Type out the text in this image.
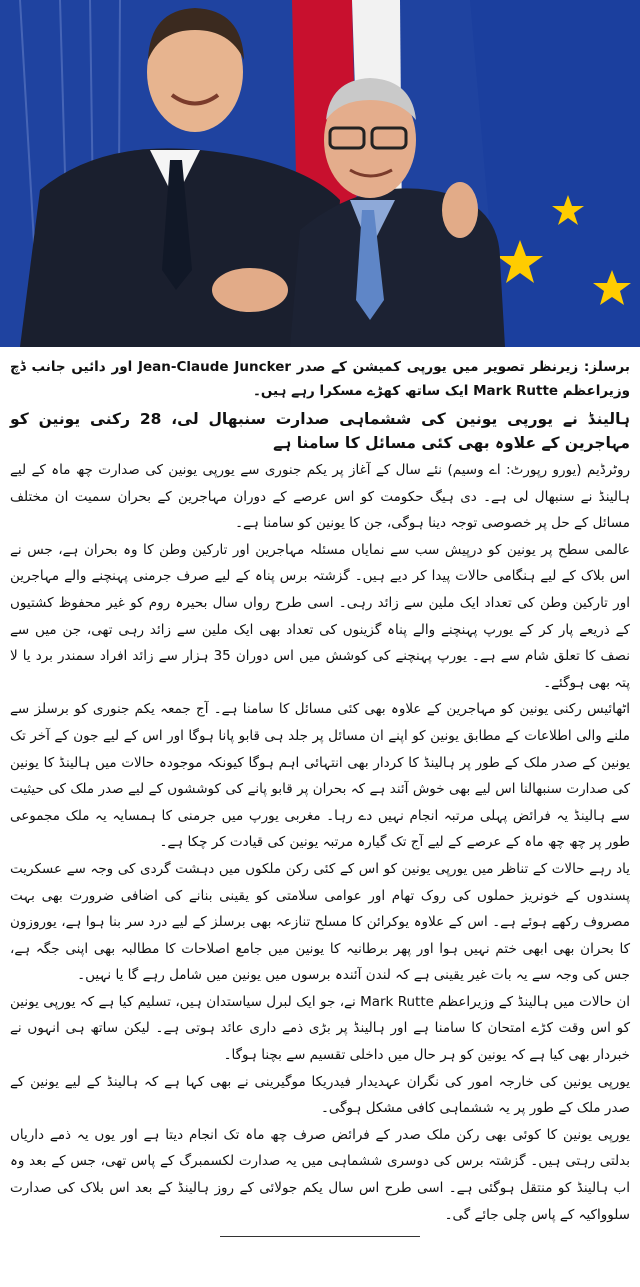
برسلز: زیرنظر تصویر میں یورپی کمیشن کے صدر Jean-Claude Juncker اور دائیں جانب ڈچ وزیراعظم Mark Rutte ایک ساتھ کھڑے مسکرا رہے ہیں۔
ہالینڈ نے یورپی یونین کی ششماہی صدارت سنبھال لی، 28 رکنی یونین کو مہاجرین کے علاوہ بھی کئی مسائل کا سامنا ہے

روٹرڈیم (یورو رپورٹ: اے وسیم) نئے سال کے آغاز پر یکم جنوری سے یورپی یونین کی صدارت چھ ماہ کے لیے ہالینڈ نے سنبھال لی ہے۔ دی ہیگ حکومت کو اس عرصے کے دوران مہاجرین کے بحران سمیت ان مختلف مسائل کے حل پر خصوصی توجہ دینا ہوگی، جن کا یونین کو سامنا ہے۔

عالمی سطح پر یونین کو درپیش سب سے نمایاں مسئلہ مہاجرین اور تارکین وطن کا وہ بحران ہے، جس نے اس بلاک کے لیے ہنگامی حالات پیدا کر دیے ہیں۔ گزشتہ برس پناہ کے لیے صرف جرمنی پہنچنے والے مہاجرین اور تارکین وطن کی تعداد ایک ملین سے زائد رہی۔ اسی طرح رواں سال بحیرہ روم کو غیر محفوظ کشتیوں کے ذریعے پار کر کے یورپ پہنچنے والے پناہ گزینوں کی تعداد بھی ایک ملین سے زائد رہی تھی، جن میں سے نصف کا تعلق شام سے ہے۔ یورپ پہنچنے کی کوشش میں اس دوران 35 ہزار سے زائد افراد سمندر برد یا لا پتہ بھی ہوگئے۔

اٹھائیس رکنی یونین کو مہاجرین کے علاوہ بھی کئی مسائل کا سامنا ہے۔ آج جمعہ یکم جنوری کو برسلز سے ملنے والی اطلاعات کے مطابق یونین کو اپنے ان مسائل پر جلد ہی قابو پانا ہوگا اور اس کے لیے جون کے آخر تک یونین کے صدر ملک کے طور پر ہالینڈ کا کردار بھی انتہائی اہم ہوگا کیونکہ موجودہ حالات میں ہالینڈ کا یونین کی صدارت سنبھالنا اس لیے بھی خوش آئند ہے کہ بحران پر قابو پانے کی کوششوں کے لیے صدر ملک کی حیثیت سے ہالینڈ یہ فرائض پہلی مرتبہ انجام نہیں دے رہا۔ مغربی یورپ میں جرمنی کا ہمسایہ یہ ملک مجموعی طور پر چھ چھ ماہ کے عرصے کے لیے آج تک گیارہ مرتبہ یونین کی قیادت کر چکا ہے۔

یاد رہے حالات کے تناظر میں یورپی یونین کو اس کے کئی رکن ملکوں میں دہشت گردی کی وجہ سے عسکریت پسندوں کے خونریز حملوں کی روک تھام اور عوامی سلامتی کو یقینی بنانے کی اضافی ضرورت بھی بہت مصروف رکھے ہوئے ہے۔ اس کے علاوہ یوکرائن کا مسلح تنازعہ بھی برسلز کے لیے درد سر بنا ہوا ہے، یوروزون کا بحران بھی ابھی ختم نہیں ہوا اور پھر برطانیہ کا یونین میں جامع اصلاحات کا مطالبہ بھی اپنی جگہ ہے، جس کی وجہ سے یہ بات غیر یقینی ہے کہ لندن آئندہ برسوں میں یونین میں شامل رہے گا یا نہیں۔

ان حالات میں ہالینڈ کے وزیراعظم Mark Rutte نے، جو ایک لبرل سیاستدان ہیں، تسلیم کیا ہے کہ یورپی یونین کو اس وقت کڑے امتحان کا سامنا ہے اور ہالینڈ پر بڑی ذمے داری عائد ہوتی ہے۔ لیکن ساتھ ہی انہوں نے خبردار بھی کیا ہے کہ یونین کو ہر حال میں داخلی تقسیم سے بچنا ہوگا۔

یورپی یونین کی خارجہ امور کی نگران عہدیدار فیدریکا موگیرینی نے بھی کہا ہے کہ ہالینڈ کے لیے یونین کے صدر ملک کے طور پر یہ ششماہی کافی مشکل ہوگی۔

یورپی یونین کا کوئی بھی رکن ملک صدر کے فرائض صرف چھ ماہ تک انجام دیتا ہے اور یوں یہ ذمے داریاں بدلتی رہتی ہیں۔ گزشتہ برس کی دوسری ششماہی میں یہ صدارت لکسمبرگ کے پاس تھی، جس کے بعد وہ اب ہالینڈ کو منتقل ہوگئی ہے۔ اسی طرح اس سال یکم جولائی کے روز ہالینڈ کے بعد اس بلاک کی صدارت سلوواکیہ کے پاس چلی جائے گی۔
